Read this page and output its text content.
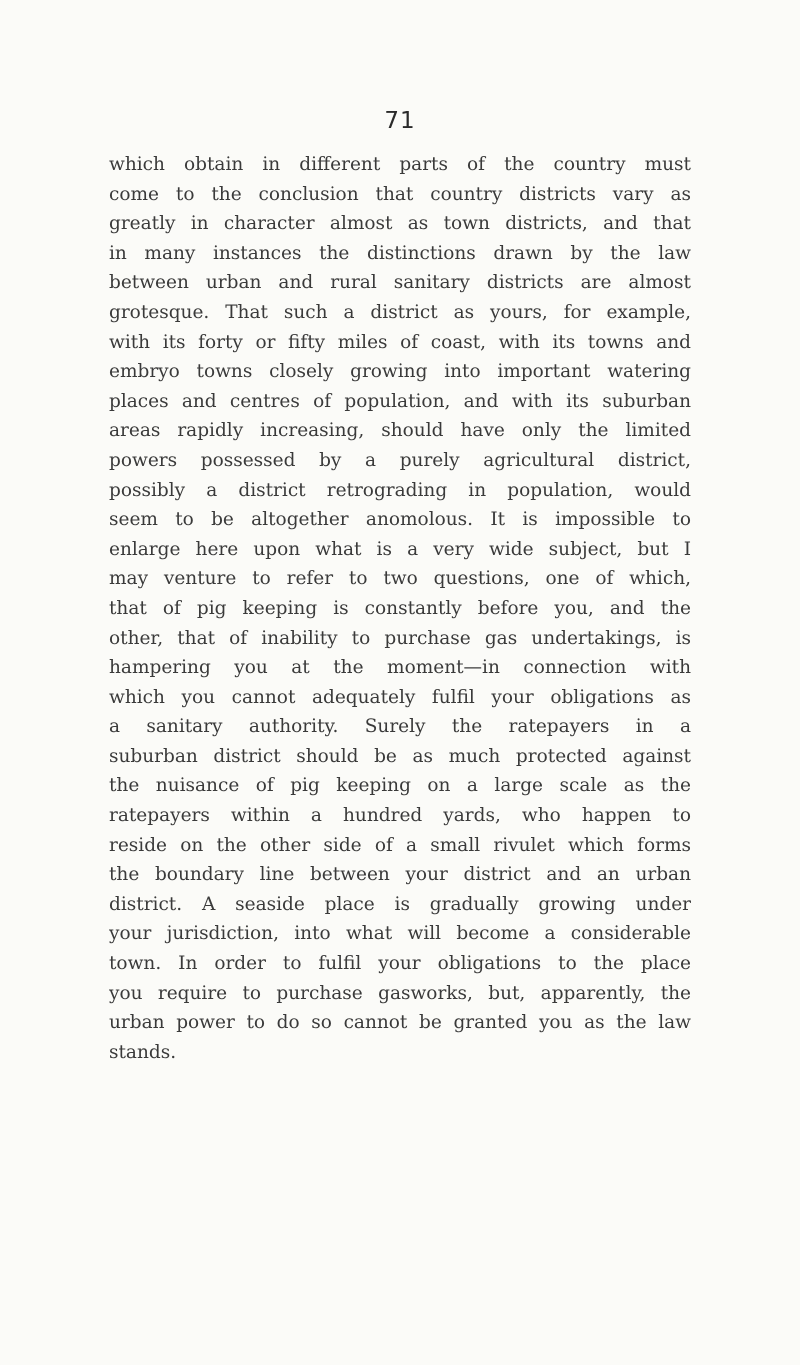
71
which obtain in different parts of the country must
come to the conclusion that country districts vary as
greatly in character almost as town districts, and that
in many instances the distinctions drawn by the law
between urban and rural sanitary districts are almost
grotesque. That such a district as yours, for example,
with its forty or fifty miles of coast, with its towns and
embryo towns closely growing into important watering
places and centres of population, and with its suburban
areas rapidly increasing, should have only the limited
powers possessed by a purely agricultural district,
possibly a district retrograding in population, would
seem to be altogether anomolous. It is impossible to
enlarge here upon what is a very wide subject, but I
may venture to refer to two questions, one of which,
that of pig keeping is constantly before you, and the
other, that of inability to purchase gas undertakings, is
hampering you at the moment—in connection with
which you cannot adequately fulfil your obligations as
a sanitary authority. Surely the ratepayers in a
suburban district should be as much protected against
the nuisance of pig keeping on a large scale as the
ratepayers within a hundred yards, who happen to
reside on the other side of a small rivulet which forms
the boundary line between your district and an urban
district. A seaside place is gradually growing under
your jurisdiction, into what will become a considerable
town. In order to fulfil your obligations to the place
you require to purchase gasworks, but, apparently, the
urban power to do so cannot be granted you as the law
stands.
